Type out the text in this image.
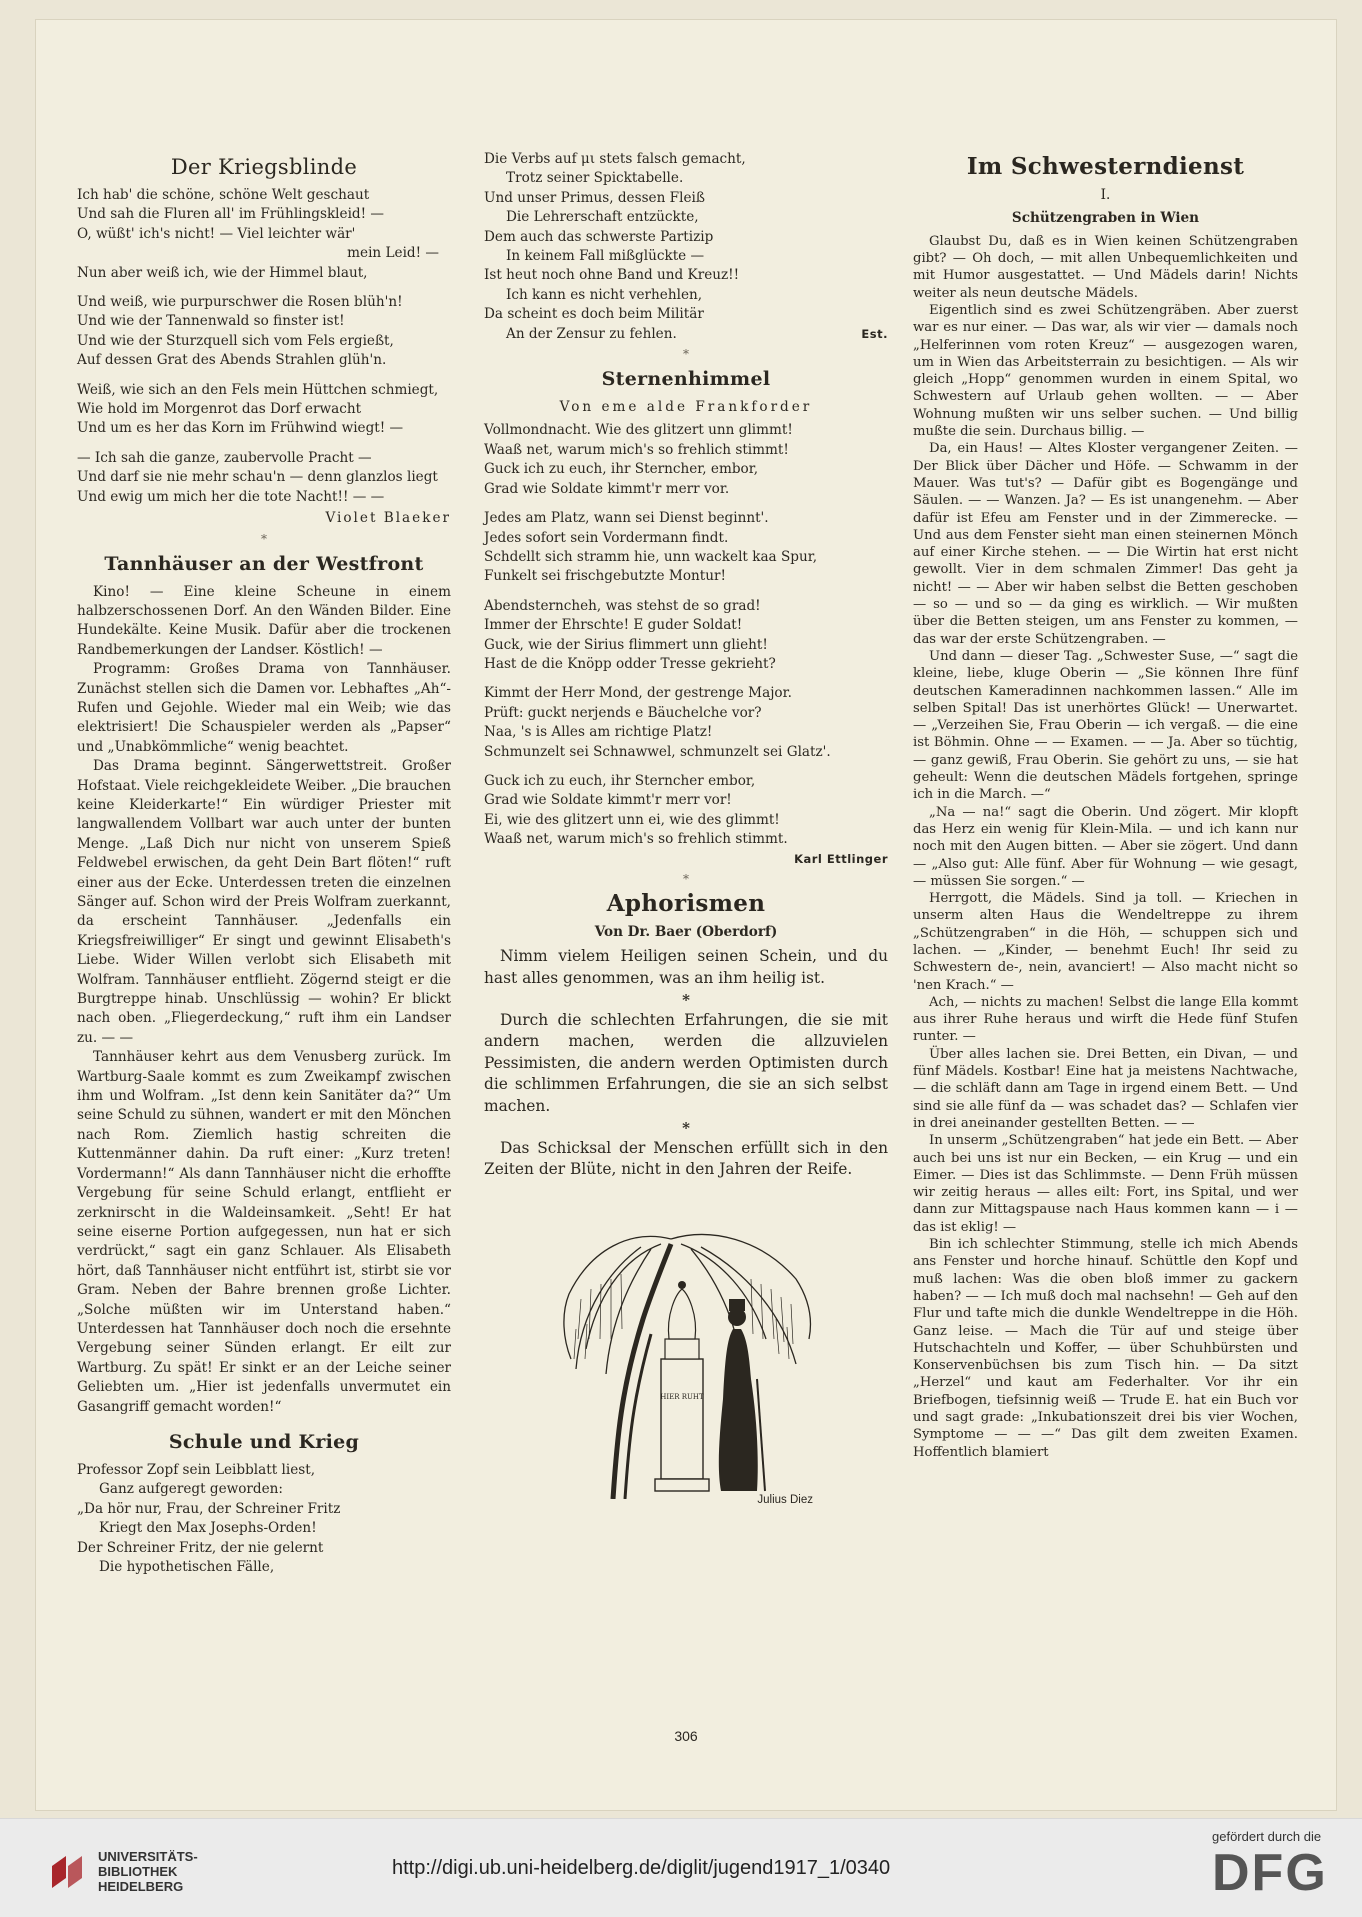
Der Kriegsblinde
Ich hab' die schöne, schöne Welt geschaut
Und sah die Fluren all' im Frühlingskleid! —
O, wüßt' ich's nicht! — Viel leichter wär'
mein Leid! —
Nun aber weiß ich, wie der Himmel blaut,
Und weiß, wie purpurschwer die Rosen blüh'n!
Und wie der Tannenwald so finster ist!
Und wie der Sturzquell sich vom Fels ergießt,
Auf dessen Grat des Abends Strahlen glüh'n.
Weiß, wie sich an den Fels mein Hüttchen schmiegt,
Wie hold im Morgenrot das Dorf erwacht
Und um es her das Korn im Frühwind wiegt! —
— Ich sah die ganze, zaubervolle Pracht —
Und darf sie nie mehr schau'n — denn glanzlos liegt
Und ewig um mich her die tote Nacht!! — —
Violet Blaeker
*
Tannhäuser an der Westfront

Kino! — Eine kleine Scheune in einem halbzerschossenen Dorf. An den Wänden Bilder. Eine Hundekälte. Keine Musik. Dafür aber die trockenen Randbemerkungen der Landser. Köstlich! —

Programm: Großes Drama von Tannhäuser. Zunächst stellen sich die Damen vor. Lebhaftes „Ah“-Rufen und Gejohle. Wieder mal ein Weib; wie das elektrisiert! Die Schauspieler werden als „Papser“ und „Unabkömmliche“ wenig beachtet.

Das Drama beginnt. Sängerwettstreit. Großer Hofstaat. Viele reichgekleidete Weiber. „Die brauchen keine Kleiderkarte!“ Ein würdiger Priester mit langwallendem Vollbart war auch unter der bunten Menge. „Laß Dich nur nicht von unserem Spieß Feldwebel erwischen, da geht Dein Bart flöten!“ ruft einer aus der Ecke. Unterdessen treten die einzelnen Sänger auf. Schon wird der Preis Wolfram zuerkannt, da erscheint Tannhäuser. „Jedenfalls ein Kriegsfreiwilliger“ Er singt und gewinnt Elisabeth's Liebe. Wider Willen verlobt sich Elisabeth mit Wolfram. Tannhäuser entflieht. Zögernd steigt er die Burgtreppe hinab. Unschlüssig — wohin? Er blickt nach oben. „Fliegerdeckung,“ ruft ihm ein Landser zu. — —

Tannhäuser kehrt aus dem Venusberg zurück. Im Wartburg-Saale kommt es zum Zweikampf zwischen ihm und Wolfram. „Ist denn kein Sanitäter da?“ Um seine Schuld zu sühnen, wandert er mit den Mönchen nach Rom. Ziemlich hastig schreiten die Kuttenmänner dahin. Da ruft einer: „Kurz treten! Vordermann!“ Als dann Tannhäuser nicht die erhoffte Vergebung für seine Schuld erlangt, entflieht er zerknirscht in die Waldeinsamkeit. „Seht! Er hat seine eiserne Portion aufgegessen, nun hat er sich verdrückt,“ sagt ein ganz Schlauer. Als Elisabeth hört, daß Tannhäuser nicht entführt ist, stirbt sie vor Gram. Neben der Bahre brennen große Lichter. „Solche müßten wir im Unterstand haben.“ Unterdessen hat Tannhäuser doch noch die ersehnte Vergebung seiner Sünden erlangt. Er eilt zur Wartburg. Zu spät! Er sinkt er an der Leiche seiner Geliebten um. „Hier ist jedenfalls unvermutet ein Gasangriff gemacht worden!“

Schule und Krieg
Professor Zopf sein Leibblatt liest,
Ganz aufgeregt geworden:
„Da hör nur, Frau, der Schreiner Fritz
Kriegt den Max Josephs-Orden!
Der Schreiner Fritz, der nie gelernt
Die hypothetischen Fälle,
Die Verbs auf μι stets falsch gemacht,
Trotz seiner Spicktabelle.
Und unser Primus, dessen Fleiß
Die Lehrerschaft entzückte,
Dem auch das schwerste Partizip
In keinem Fall mißglückte —
Ist heut noch ohne Band und Kreuz!!
Ich kann es nicht verhehlen,
Da scheint es doch beim Militär
An der Zensur zu fehlen.	Est.
*
Sternenhimmel
Von eme alde Frankforder
Vollmondnacht. Wie des glitzert unn glimmt!
Waaß net, warum mich's so frehlich stimmt!
Guck ich zu euch, ihr Sterncher, embor,
Grad wie Soldate kimmt'r merr vor.
Jedes am Platz, wann sei Dienst beginnt'.
Jedes sofort sein Vordermann findt.
Schdellt sich stramm hie, unn wackelt kaa Spur,
Funkelt sei frischgebutzte Montur!
Abendsterncheh, was stehst de so grad!
Immer der Ehrschte! E guder Soldat!
Guck, wie der Sirius flimmert unn glieht!
Hast de die Knöpp odder Tresse gekrieht?
Kimmt der Herr Mond, der gestrenge Major.
Prüft: guckt nerjends e Bäuchelche vor?
Naa, 's is Alles am richtige Platz!
Schmunzelt sei Schnawwel, schmunzelt sei Glatz'.
Guck ich zu euch, ihr Sterncher embor,
Grad wie Soldate kimmt'r merr vor!
Ei, wie des glitzert unn ei, wie des glimmt!
Waaß net, warum mich's so frehlich stimmt.
Karl Ettlinger
*
Aphorismen
Von Dr. Baer (Oberdorf)

Nimm vielem Heiligen seinen Schein, und du hast alles genommen, was an ihm heilig ist.

*

Durch die schlechten Erfahrungen, die sie mit andern machen, werden die allzuvielen Pessimisten, die andern werden Optimisten durch die schlimmen Erfahrungen, die sie an sich selbst machen.

*

Das Schicksal der Menschen erfüllt sich in den Zeiten der Blüte, nicht in den Jahren der Reife.

HIER RUHT
Julius Diez
Im Schwesterndienst
I.
Schützengraben in Wien

Glaubst Du, daß es in Wien keinen Schützengraben gibt? — Oh doch, — mit allen Unbequemlichkeiten und mit Humor ausgestattet. — Und Mädels darin! Nichts weiter als neun deutsche Mädels.

Eigentlich sind es zwei Schützengräben. Aber zuerst war es nur einer. — Das war, als wir vier — damals noch „Helferinnen vom roten Kreuz“ — ausgezogen waren, um in Wien das Arbeitsterrain zu besichtigen. — Als wir gleich „Hopp“ genommen wurden in einem Spital, wo Schwestern auf Urlaub gehen wollten. — — Aber Wohnung mußten wir uns selber suchen. — Und billig mußte die sein. Durchaus billig. —

Da, ein Haus! — Altes Kloster vergangener Zeiten. — Der Blick über Dächer und Höfe. — Schwamm in der Mauer. Was tut's? — Dafür gibt es Bogengänge und Säulen. — — Wanzen. Ja? — Es ist unangenehm. — Aber dafür ist Efeu am Fenster und in der Zimmerecke. — Und aus dem Fenster sieht man einen steinernen Mönch auf einer Kirche stehen. — — Die Wirtin hat erst nicht gewollt. Vier in dem schmalen Zimmer! Das geht ja nicht! — — Aber wir haben selbst die Betten geschoben — so — und so — da ging es wirklich. — Wir mußten über die Betten steigen, um ans Fenster zu kommen, — das war der erste Schützengraben. —

Und dann — dieser Tag. „Schwester Suse, —“ sagt die kleine, liebe, kluge Oberin — „Sie können Ihre fünf deutschen Kameradinnen nachkommen lassen.“ Alle im selben Spital! Das ist unerhörtes Glück! — Unerwartet. — „Verzeihen Sie, Frau Oberin — ich vergaß. — die eine ist Böhmin. Ohne — — Examen. — — Ja. Aber so tüchtig, — ganz gewiß, Frau Oberin. Sie gehört zu uns, — sie hat geheult: Wenn die deutschen Mädels fortgehen, springe ich in die March. —“

„Na — na!“ sagt die Oberin. Und zögert. Mir klopft das Herz ein wenig für Klein-Mila. — und ich kann nur noch mit den Augen bitten. — Aber sie zögert. Und dann — „Also gut: Alle fünf. Aber für Wohnung — wie gesagt, — müssen Sie sorgen.“ —

Herrgott, die Mädels. Sind ja toll. — Kriechen in unserm alten Haus die Wendeltreppe zu ihrem „Schützengraben“ in die Höh, — schuppen sich und lachen. — „Kinder, — benehmt Euch! Ihr seid zu Schwestern de-, nein, avanciert! — Also macht nicht so 'nen Krach.“ —

Ach, — nichts zu machen! Selbst die lange Ella kommt aus ihrer Ruhe heraus und wirft die Hede fünf Stufen runter. —

Über alles lachen sie. Drei Betten, ein Divan, — und fünf Mädels. Kostbar! Eine hat ja meistens Nachtwache, — die schläft dann am Tage in irgend einem Bett. — Und sind sie alle fünf da — was schadet das? — Schlafen vier in drei aneinander gestellten Betten. — —

In unserm „Schützengraben“ hat jede ein Bett. — Aber auch bei uns ist nur ein Becken, — ein Krug — und ein Eimer. — Dies ist das Schlimmste. — Denn Früh müssen wir zeitig heraus — alles eilt: Fort, ins Spital, und wer dann zur Mittagspause nach Haus kommen kann — i — das ist eklig! —

Bin ich schlechter Stimmung, stelle ich mich Abends ans Fenster und horche hinauf. Schüttle den Kopf und muß lachen: Was die oben bloß immer zu gackern haben? — — Ich muß doch mal nachsehn! — Geh auf den Flur und tafte mich die dunkle Wendeltreppe in die Höh. Ganz leise. — Mach die Tür auf und steige über Hutschachteln und Koffer, — über Schuhbürsten und Konservenbüchsen bis zum Tisch hin. — Da sitzt „Herzel“ und kaut am Federhalter. Vor ihr ein Briefbogen, tiefsinnig weiß — Trude E. hat ein Buch vor und sagt grade: „Inkubationszeit drei bis vier Wochen, Symptome — — —“ Das gilt dem zweiten Examen. Hoffentlich blamiert

306
UNIVERSITÄTS-
BIBLIOTHEK
HEIDELBERG
http://digi.ub.uni-heidelberg.de/diglit/jugend1917_1/0340
gefördert durch die
DFG
